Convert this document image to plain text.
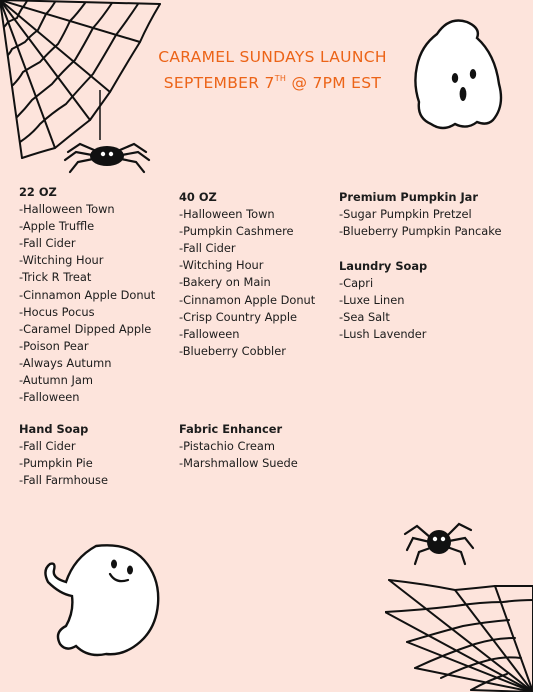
CARAMEL SUNDAYS LAUNCH
SEPTEMBER 7TH @ 7PM EST
22 OZ
-Halloween Town
-Apple Truffle
-Fall Cider
-Witching Hour
-Trick R Treat
-Cinnamon Apple Donut
-Hocus Pocus
-Caramel Dipped Apple
-Poison Pear
-Always Autumn
-Autumn Jam
-Falloween
40 OZ
-Halloween Town
-Pumpkin Cashmere
-Fall Cider
-Witching Hour
-Bakery on Main
-Cinnamon Apple Donut
-Crisp Country Apple
-Falloween
-Blueberry Cobbler
Premium Pumpkin Jar
-Sugar Pumpkin Pretzel
-Blueberry Pumpkin Pancake
Laundry Soap
-Capri
-Luxe Linen
-Sea Salt
-Lush Lavender
Hand Soap
-Fall Cider
-Pumpkin Pie
-Fall Farmhouse
Fabric Enhancer
-Pistachio Cream
-Marshmallow Suede
